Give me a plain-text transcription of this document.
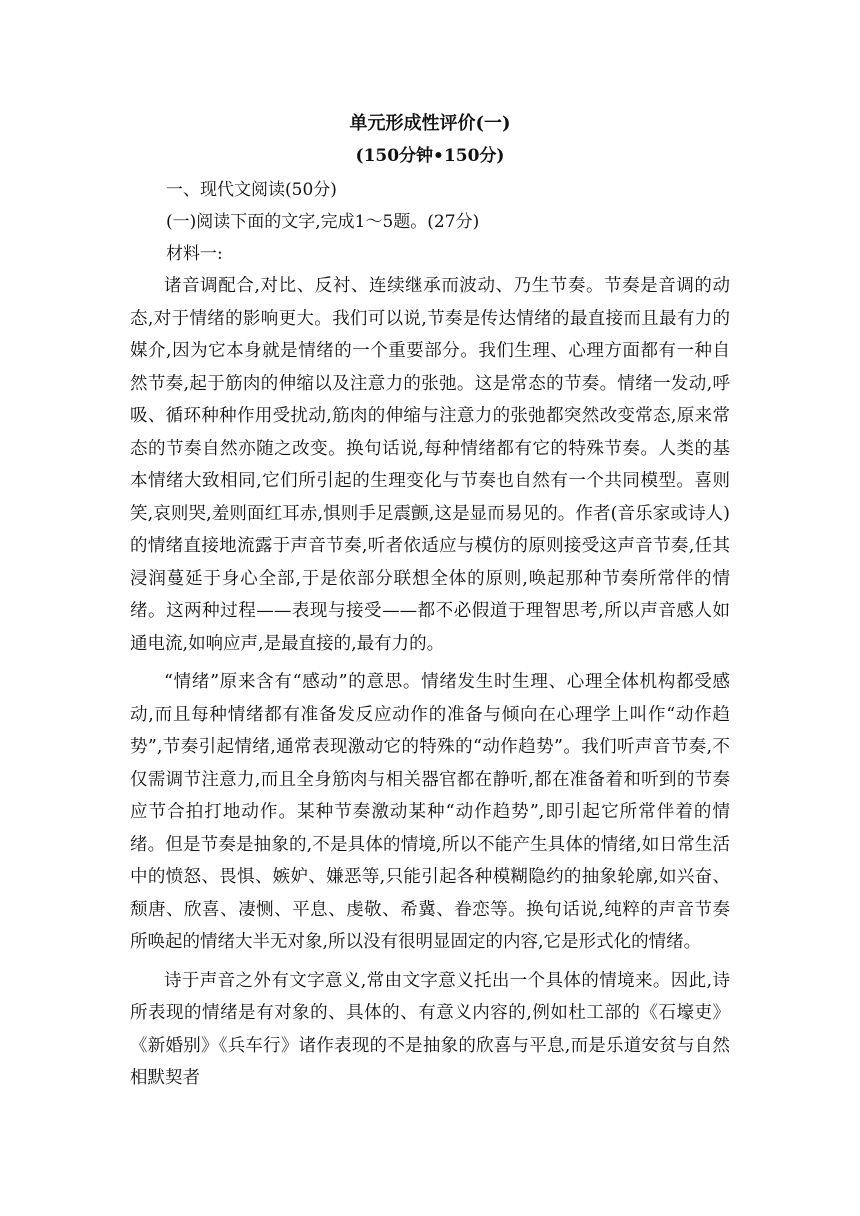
单元形成性评价(一)

(150分钟•150分)

一、现代文阅读(50分)

(一)阅读下面的文字,完成1～5题。(27分)

材料一:

诸音调配合,对比、反衬、连续继承而波动、乃生节奏。节奏是音调的动态,对于情绪的影响更大。我们可以说,节奏是传达情绪的最直接而且最有力的媒介,因为它本身就是情绪的一个重要部分。我们生理、心理方面都有一种自然节奏,起于筋肉的伸缩以及注意力的张弛。这是常态的节奏。情绪一发动,呼吸、循环种种作用受扰动,筋肉的伸缩与注意力的张弛都突然改变常态,原来常态的节奏自然亦随之改变。换句话说,每种情绪都有它的特殊节奏。人类的基本情绪大致相同,它们所引起的生理变化与节奏也自然有一个共同模型。喜则笑,哀则哭,羞则面红耳赤,惧则手足震颤,这是显而易见的。作者(音乐家或诗人)的情绪直接地流露于声音节奏,听者依适应与模仿的原则接受这声音节奏,任其浸润蔓延于身心全部,于是依部分联想全体的原则,唤起那种节奏所常伴的情绪。这两种过程——表现与接受——都不必假道于理智思考,所以声音感人如通电流,如响应声,是最直接的,最有力的。

“情绪”原来含有“感动”的意思。情绪发生时生理、心理全体机构都受感动,而且每种情绪都有准备发反应动作的准备与倾向在心理学上叫作“动作趋势”,节奏引起情绪,通常表现激动它的特殊的“动作趋势”。我们听声音节奏,不仅需调节注意力,而且全身筋肉与相关器官都在静听,都在准备着和听到的节奏应节合拍打地动作。某种节奏激动某种“动作趋势”,即引起它所常伴着的情绪。但是节奏是抽象的,不是具体的情境,所以不能产生具体的情绪,如日常生活中的愤怒、畏惧、嫉妒、嫌恶等,只能引起各种模糊隐约的抽象轮廓,如兴奋、颓唐、欣喜、凄恻、平息、虔敬、希冀、眷恋等。换句话说,纯粹的声音节奏所唤起的情绪大半无对象,所以没有很明显固定的内容,它是形式化的情绪。

诗于声音之外有文字意义,常由文字意义托出一个具体的情境来。因此,诗所表现的情绪是有对象的、具体的、有意义内容的,例如杜工部的《石壕吏》《新婚别》《兵车行》诸作表现的不是抽象的欣喜与平息,而是乐道安贫与自然相默契者
